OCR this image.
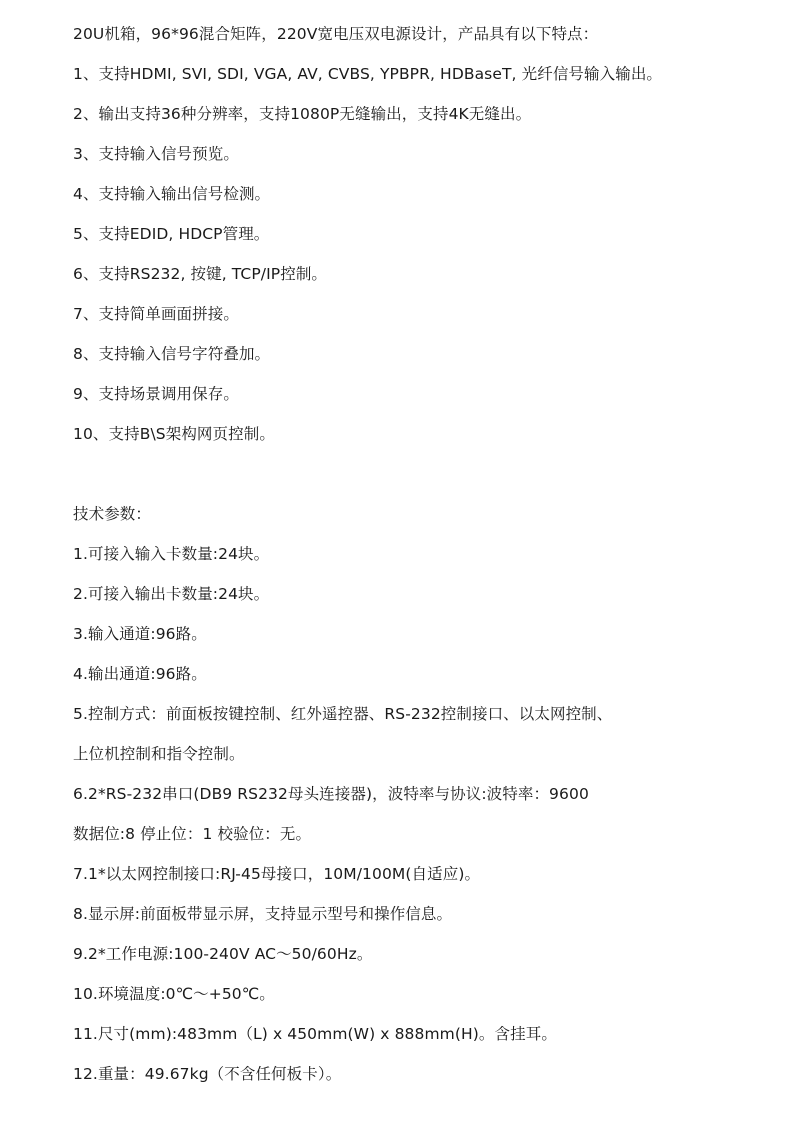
20U机箱，96*96混合矩阵，220V宽电压双电源设计，产品具有以下特点：
1、支持HDMI, SVI, SDI, VGA, AV, CVBS, YPBPR, HDBaseT, 光纤信号输入输出。
2、输出支持36种分辨率，支持1080P无缝输出，支持4K无缝出。
3、支持输入信号预览。
4、支持输入输出信号检测。
5、支持EDID, HDCP管理。
6、支持RS232, 按键, TCP/IP控制。
7、支持简单画面拼接。
8、支持输入信号字符叠加。
9、支持场景调用保存。
10、支持B\S架构网页控制。
技术参数：
1.可接入输入卡数量:24块。
2.可接入输出卡数量:24块。
3.输入通道:96路。
4.输出通道:96路。
5.控制方式：前面板按键控制、红外遥控器、RS-232控制接口、以太网控制、
上位机控制和指令控制。
6.2*RS-232串口(DB9 RS232母头连接器)，波特率与协议:波特率：9600
数据位:8 停止位：1 校验位：无。
7.1*以太网控制接口:RJ-45母接口，10M/100M(自适应)。
8.显示屏:前面板带显示屏，支持显示型号和操作信息。
9.2*工作电源:100-240V AC～50/60Hz。
10.环境温度:0℃～+50℃。
11.尺寸(mm):483mm（L) x 450mm(W) x 888mm(H)。含挂耳。
12.重量：49.67kg（不含任何板卡）。
